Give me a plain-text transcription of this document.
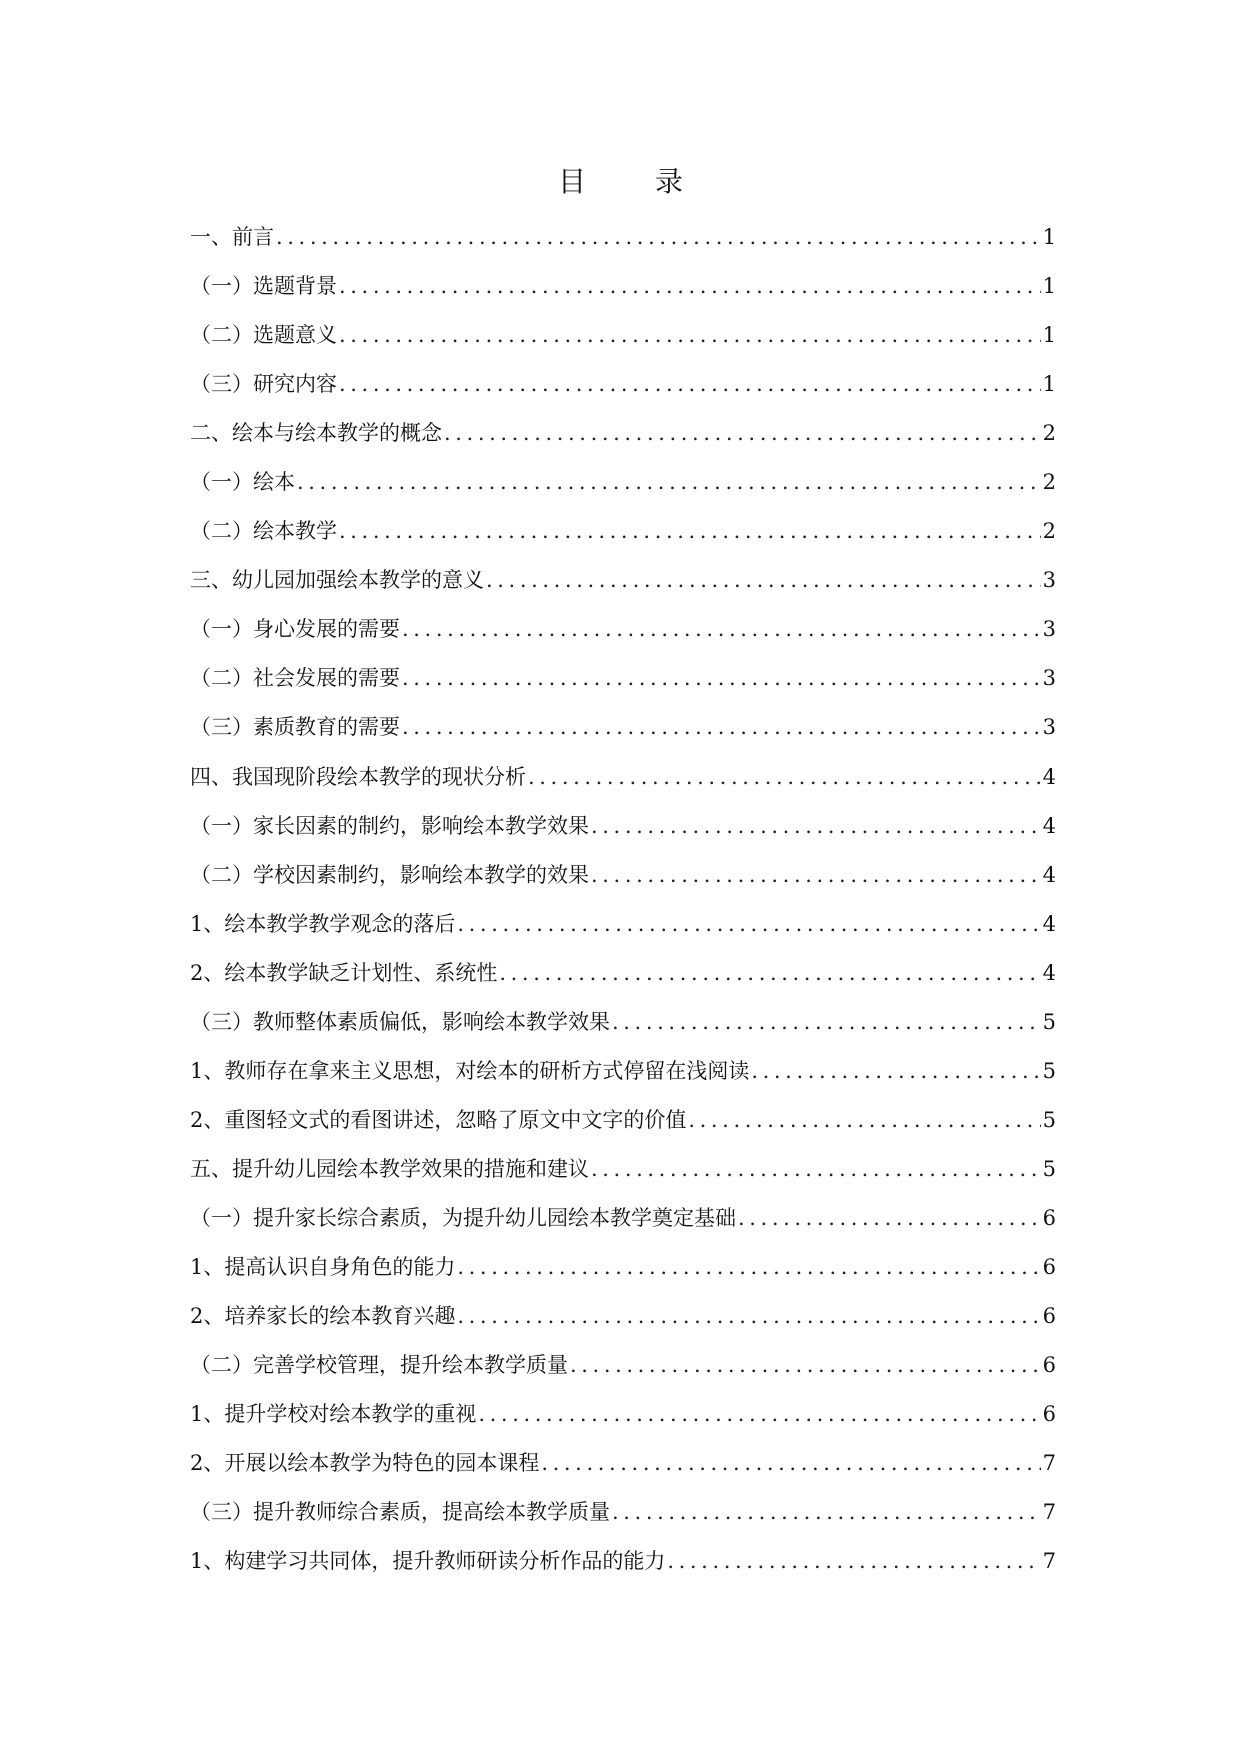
目 录
一、前言 .....	1
（一）选题背景 .....	1
（二）选题意义 .....	1
（三）研究内容 .....	1
二、绘本与绘本教学的概念 .....	2
（一）绘本 .....	2
（二）绘本教学 .....	2
三、幼儿园加强绘本教学的意义 .....	3
（一）身心发展的需要 .....	3
（二）社会发展的需要 .....	3
（三）素质教育的需要 .....	3
四、我国现阶段绘本教学的现状分析 .....	4
（一）家长因素的制约，影响绘本教学效果 .....	4
（二）学校因素制约，影响绘本教学的效果 .....	4
1、绘本教学教学观念的落后 .....	4
2、绘本教学缺乏计划性、系统性 .....	4
（三）教师整体素质偏低，影响绘本教学效果 .....	5
1、教师存在拿来主义思想，对绘本的研析方式停留在浅阅读 .....	5
2、重图轻文式的看图讲述，忽略了原文中文字的价值 .....	5
五、提升幼儿园绘本教学效果的措施和建议 .....	5
（一）提升家长综合素质，为提升幼儿园绘本教学奠定基础 .....	6
1、提高认识自身角色的能力 .....	6
2、培养家长的绘本教育兴趣 .....	6
（二）完善学校管理，提升绘本教学质量 .....	6
1、提升学校对绘本教学的重视 .....	6
2、开展以绘本教学为特色的园本课程 .....	7
（三）提升教师综合素质，提高绘本教学质量 .....	7
1、构建学习共同体，提升教师研读分析作品的能力 .....	7
